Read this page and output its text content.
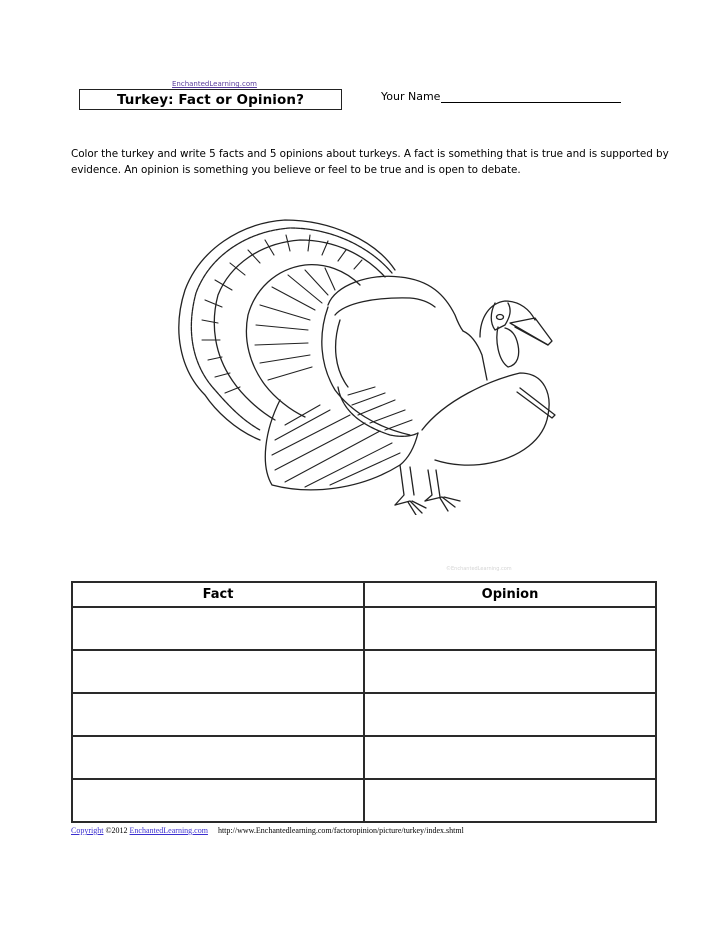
EnchantedLearning.com
Turkey: Fact or Opinion?	Your Name

Color the turkey and write 5 facts and 5 opinions about turkeys. A fact is something that is true and is supported by evidence. An opinion is something you believe or feel to be true and is open to debate.

©EnchantedLearning.com
Fact	Opinion

Copyright ©2012 EnchantedLearning.com http://www.Enchantedlearning.com/factoropinion/picture/turkey/index.shtml
